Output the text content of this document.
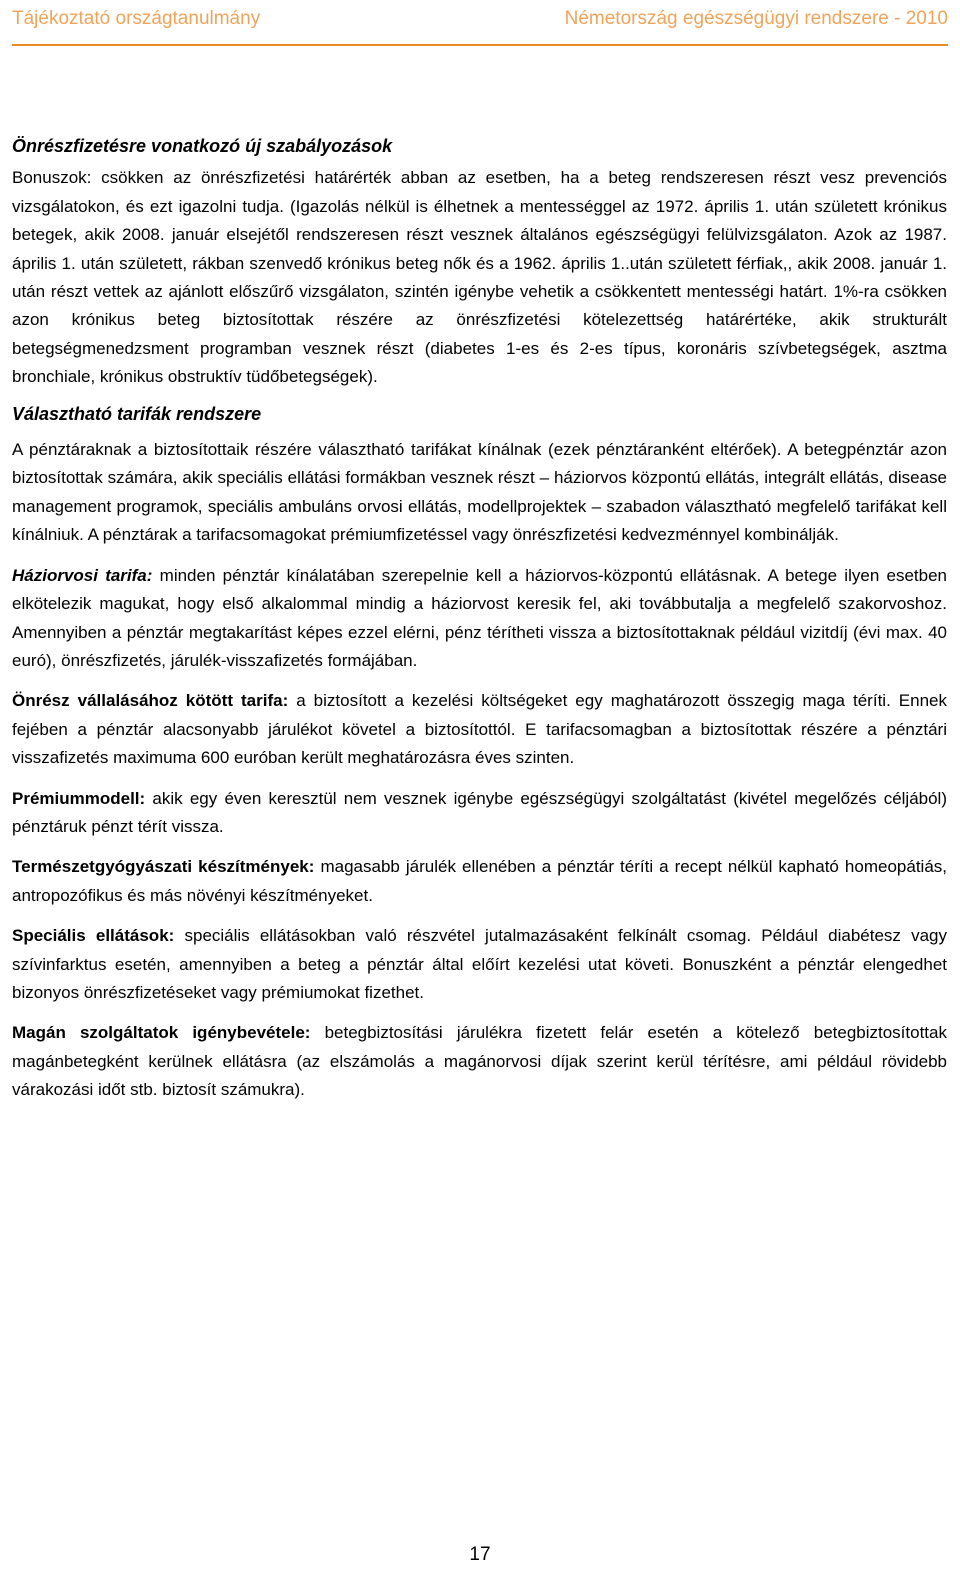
Tájékoztató országtanulmány	Németország egészségügyi rendszere - 2010
Önrészfizetésre vonatkozó új szabályozások

Bonuszok: csökken az önrészfizetési határérték abban az esetben, ha a beteg rendszeresen részt vesz prevenciós vizsgálatokon, és ezt igazolni tudja. (Igazolás nélkül is élhetnek a mentességgel az 1972. április 1. után született krónikus betegek, akik 2008. január elsejétől rendszeresen részt vesznek általános egészségügyi felülvizsgálaton. Azok az 1987. április 1. után született, rákban szenvedő krónikus beteg nők és a 1962. április 1..után született férfiak,, akik 2008. január 1. után részt vettek az ajánlott előszűrő vizsgálaton, szintén igénybe vehetik a csökkentett mentességi határt. 1%-ra csökken azon krónikus beteg biztosítottak részére az önrészfizetési kötelezettség határértéke, akik strukturált betegségmenedzsment programban vesznek részt (diabetes 1-es és 2-es típus, koronáris szívbetegségek, asztma bronchiale, krónikus obstruktív tüdőbetegségek).

Választható tarifák rendszere

A pénztáraknak a biztosítottaik részére választható tarifákat kínálnak (ezek pénztáranként eltérőek). A betegpénztár azon biztosítottak számára, akik speciális ellátási formákban vesznek részt – háziorvos központú ellátás, integrált ellátás, disease management programok, speciális ambuláns orvosi ellátás, modellprojektek – szabadon választható megfelelő tarifákat kell kínálniuk. A pénztárak a tarifacsomagokat prémiumfizetéssel vagy önrészfizetési kedvezménnyel kombinálják.

Háziorvosi tarifa: minden pénztár kínálatában szerepelnie kell a háziorvos-központú ellátásnak. A betege ilyen esetben elkötelezik magukat, hogy első alkalommal mindig a háziorvost keresik fel, aki továbbutalja a megfelelő szakorvoshoz. Amennyiben a pénztár megtakarítást képes ezzel elérni, pénz térítheti vissza a biztosítottaknak például vizitdíj (évi max. 40 euró), önrészfizetés, járulék-visszafizetés formájában.

Önrész vállalásához kötött tarifa: a biztosított a kezelési költségeket egy maghatározott összegig maga téríti. Ennek fejében a pénztár alacsonyabb járulékot követel a biztosítottól. E tarifacsomagban a biztosítottak részére a pénztári visszafizetés maximuma 600 euróban került meghatározásra éves szinten.

Prémiummodell: akik egy éven keresztül nem vesznek igénybe egészségügyi szolgáltatást (kivétel megelőzés céljából) pénztáruk pénzt térít vissza.

Természetgyógyászati készítmények: magasabb járulék ellenében a pénztár téríti a recept nélkül kapható homeopátiás, antropozófikus és más növényi készítményeket.

Speciális ellátások: speciális ellátásokban való részvétel jutalmazásaként felkínált csomag. Például diabétesz vagy szívinfarktus esetén, amennyiben a beteg a pénztár által előírt kezelési utat követi. Bonuszként a pénztár elengedhet bizonyos önrészfizetéseket vagy prémiumokat fizethet.

Magán szolgáltatok igénybevétele: betegbiztosítási járulékra fizetett felár esetén a kötelező betegbiztosítottak magánbetegként kerülnek ellátásra (az elszámolás a magánorvosi díjak szerint kerül térítésre, ami például rövidebb várakozási időt stb. biztosít számukra).

17
